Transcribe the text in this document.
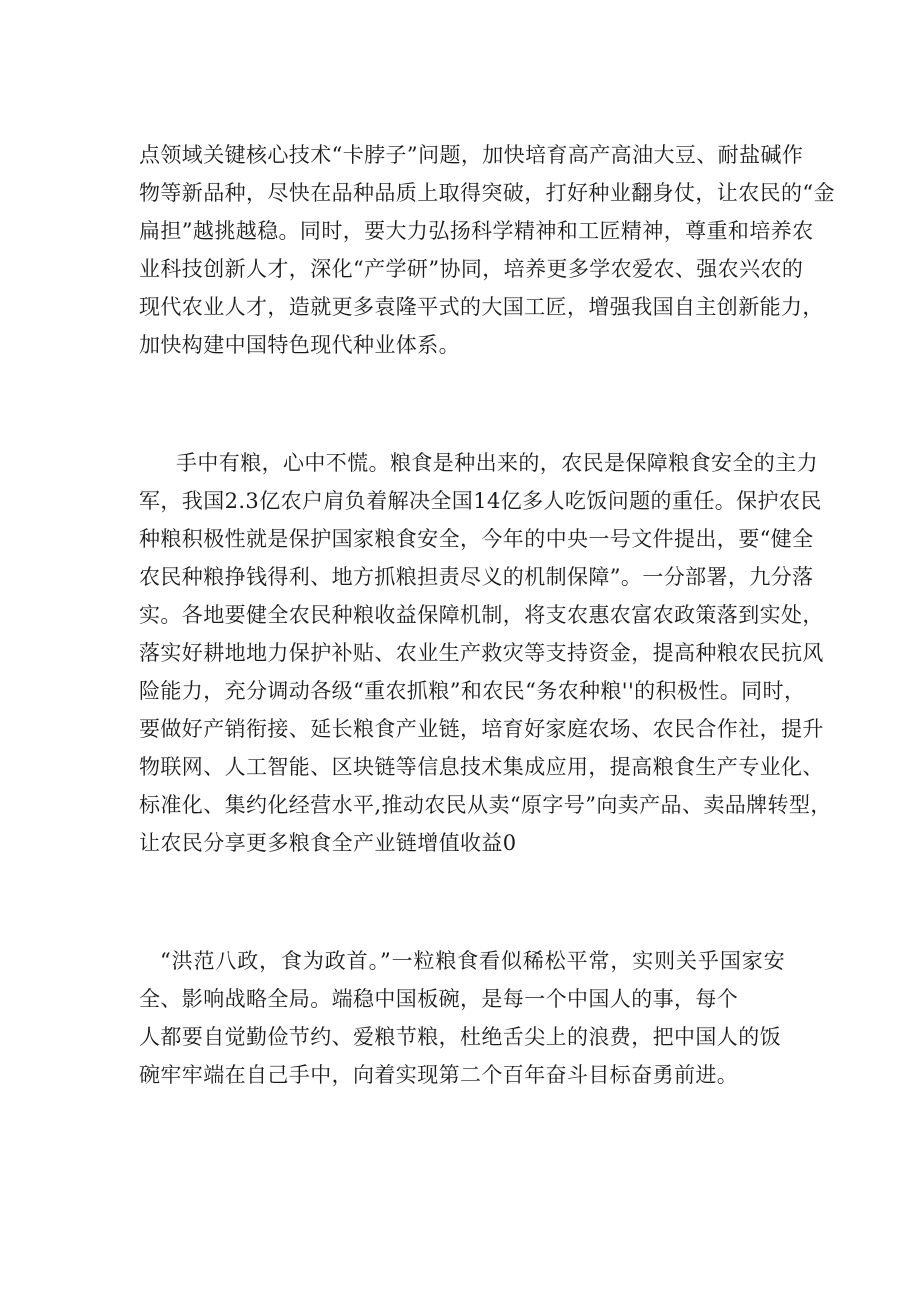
点领域关键核心技术“卡脖子”问题，加快培育高产高油大豆、耐盐碱作
物等新品种，尽快在品种品质上取得突破，打好种业翻身仗，让农民的“金
扁担”越挑越稳。同时，要大力弘扬科学精神和工匠精神，尊重和培养农
业科技创新人才，深化“产学研”协同，培养更多学农爱农、强农兴农的
现代农业人才，造就更多袁隆平式的大国工匠，增强我国自主创新能力，
加快构建中国特色现代种业体系。
手中有粮，心中不慌。粮食是种出来的，农民是保障粮食安全的主力
军，我国2.3亿农户肩负着解决全国14亿多人吃饭问题的重任。保护农民
种粮积极性就是保护国家粮食安全，今年的中央一号文件提出，要“健全
农民种粮挣钱得利、地方抓粮担责尽义的机制保障”。一分部署，九分落
实。各地要健全农民种粮收益保障机制，将支农惠农富农政策落到实处，
落实好耕地地力保护补贴、农业生产救灾等支持资金，提高种粮农民抗风
险能力，充分调动各级“重农抓粮”和农民“务农种粮''的积极性。同时，
要做好产销衔接、延长粮食产业链，培育好家庭农场、农民合作社，提升
物联网、人工智能、区块链等信息技术集成应用，提高粮食生产专业化、
标准化、集约化经营水平,推动农民从卖“原字号”向卖产品、卖品牌转型，
让农民分享更多粮食全产业链增值收益0
“洪范八政，食为政首。”一粒粮食看似稀松平常，实则关乎国家安
全、影响战略全局。端稳中国板碗，是每一个中国人的事，每个
人都要自觉勤俭节约、爱粮节粮，杜绝舌尖上的浪费，把中国人的饭
碗牢牢端在自己手中，向着实现第二个百年奋斗目标奋勇前进。
